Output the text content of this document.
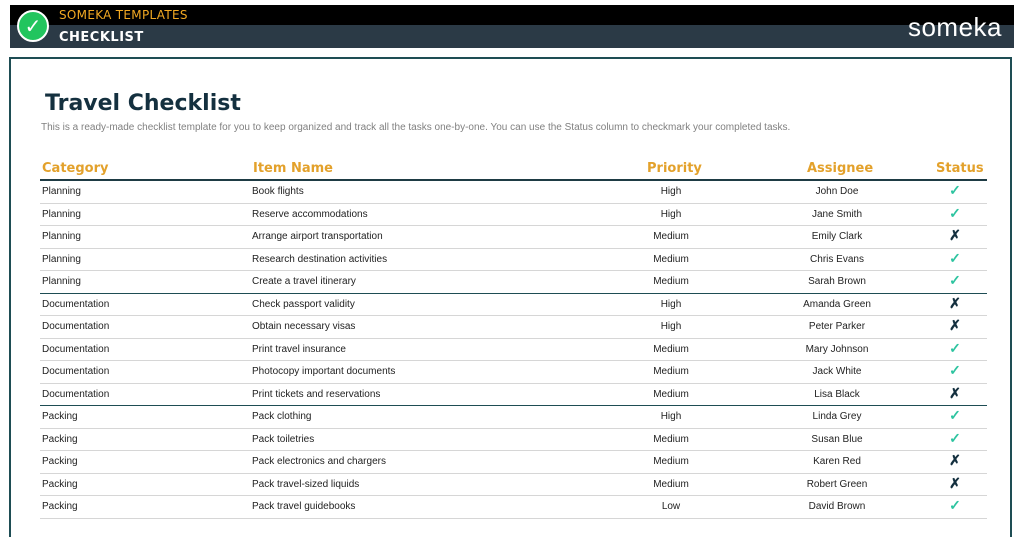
✓	SOMEKA TEMPLATES
CHECKLIST	someka
Travel Checklist
This is a ready-made checklist template for you to keep organized and track all the tasks one-by-one. You can use the Status column to checkmark your completed tasks.
Category	Item Name	Priority	Assignee	Status
Planning	Book flights	High	John Doe	✓
Planning	Reserve accommodations	High	Jane Smith	✓
Planning	Arrange airport transportation	Medium	Emily Clark	✗
Planning	Research destination activities	Medium	Chris Evans	✓
Planning	Create a travel itinerary	Medium	Sarah Brown	✓
Documentation	Check passport validity	High	Amanda Green	✗
Documentation	Obtain necessary visas	High	Peter Parker	✗
Documentation	Print travel insurance	Medium	Mary Johnson	✓
Documentation	Photocopy important documents	Medium	Jack White	✓
Documentation	Print tickets and reservations	Medium	Lisa Black	✗
Packing	Pack clothing	High	Linda Grey	✓
Packing	Pack toiletries	Medium	Susan Blue	✓
Packing	Pack electronics and chargers	Medium	Karen Red	✗
Packing	Pack travel-sized liquids	Medium	Robert Green	✗
Packing	Pack travel guidebooks	Low	David Brown	✓
